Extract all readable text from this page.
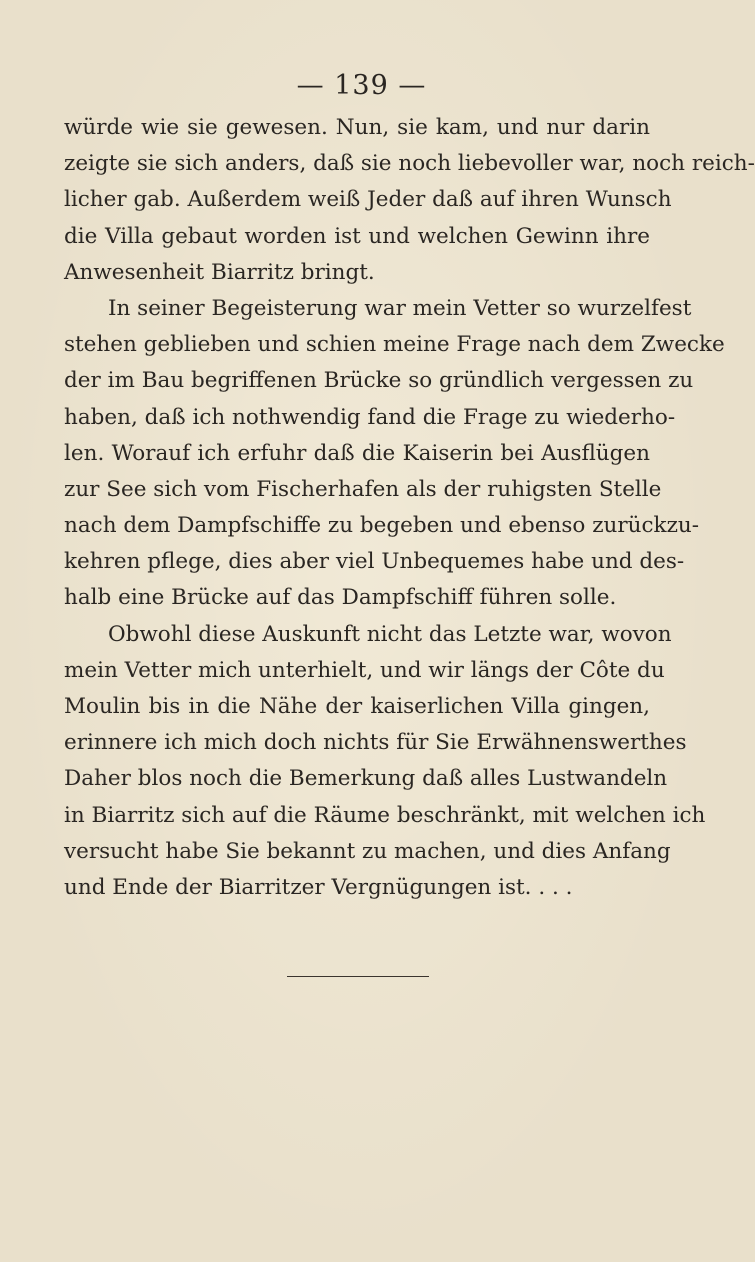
— 139 —
würde wie sie gewesen. Nun, sie kam, und nur darin
zeigte sie sich anders, daß sie noch liebevoller war, noch reich-
licher gab. Außerdem weiß Jeder daß auf ihren Wunsch
die Villa gebaut worden ist und welchen Gewinn ihre
Anwesenheit Biarritz bringt.
In seiner Begeisterung war mein Vetter so wurzelfest
stehen geblieben und schien meine Frage nach dem Zwecke
der im Bau begriffenen Brücke so gründlich vergessen zu
haben, daß ich nothwendig fand die Frage zu wiederho-
len. Worauf ich erfuhr daß die Kaiserin bei Ausflügen
zur See sich vom Fischerhafen als der ruhigsten Stelle
nach dem Dampfschiffe zu begeben und ebenso zurückzu-
kehren pflege, dies aber viel Unbequemes habe und des-
halb eine Brücke auf das Dampfschiff führen solle.
Obwohl diese Auskunft nicht das Letzte war, wovon
mein Vetter mich unterhielt, und wir längs der Côte du
Moulin bis in die Nähe der kaiserlichen Villa gingen,
erinnere ich mich doch nichts für Sie Erwähnenswerthes
Daher blos noch die Bemerkung daß alles Lustwandeln
in Biarritz sich auf die Räume beschränkt, mit welchen ich
versucht habe Sie bekannt zu machen, und dies Anfang
und Ende der Biarritzer Vergnügungen ist. . . .
